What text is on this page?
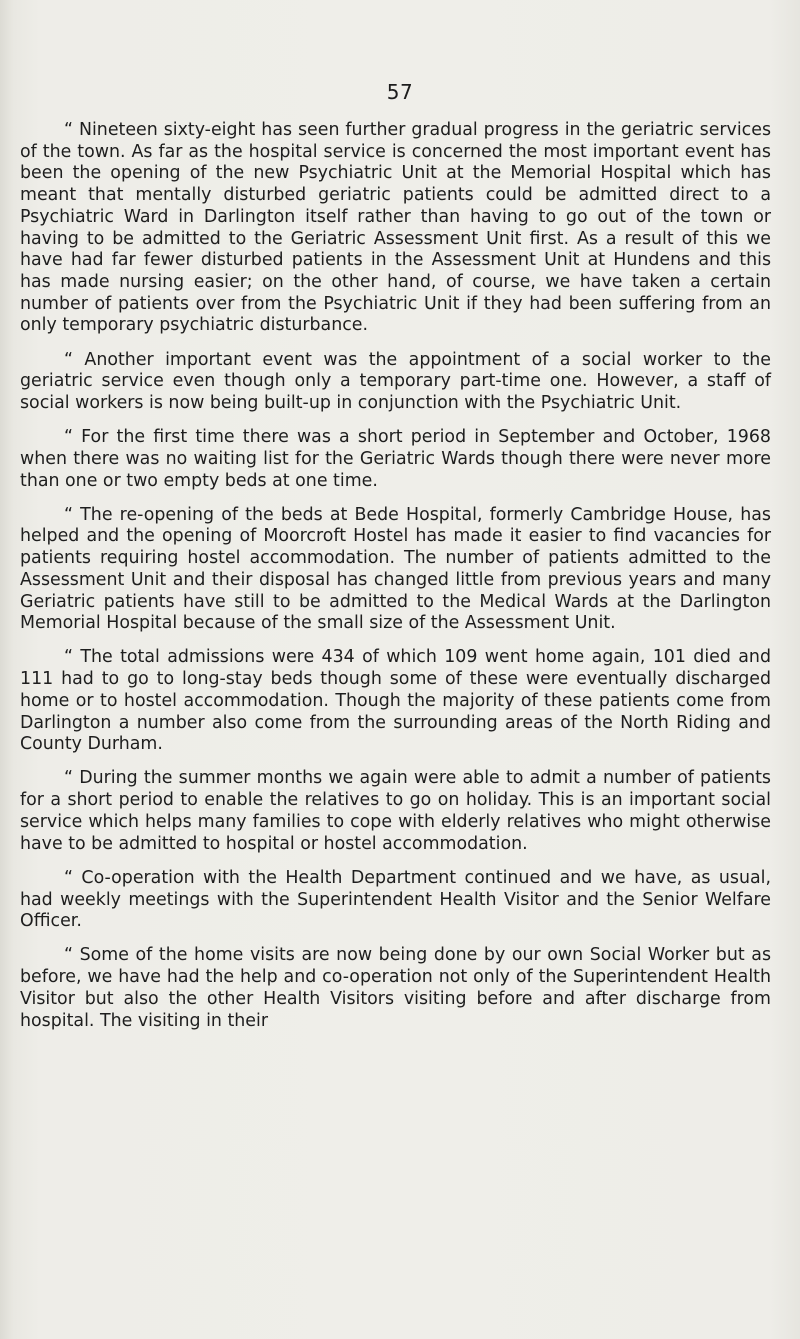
57

“ Nineteen sixty-eight has seen further gradual progress in the geriatric services of the town. As far as the hospital service is concerned the most important event has been the opening of the new Psychiatric Unit at the Memorial Hospital which has meant that mentally disturbed geriatric patients could be admitted direct to a Psychiatric Ward in Darlington itself rather than having to go out of the town or having to be admitted to the Geriatric Assessment Unit first. As a result of this we have had far fewer disturbed patients in the Assessment Unit at Hundens and this has made nursing easier; on the other hand, of course, we have taken a certain number of patients over from the Psychiatric Unit if they had been suffering from an only temporary psychiatric disturbance.

“ Another important event was the appointment of a social worker to the geriatric service even though only a temporary part-time one. However, a staff of social workers is now being built-up in conjunction with the Psychiatric Unit.

“ For the first time there was a short period in September and October, 1968 when there was no waiting list for the Geriatric Wards though there were never more than one or two empty beds at one time.

“ The re-opening of the beds at Bede Hospital, formerly Cambridge House, has helped and the opening of Moorcroft Hostel has made it easier to find vacancies for patients requiring hostel accommodation. The number of patients admitted to the Assessment Unit and their disposal has changed little from previous years and many Geriatric patients have still to be admitted to the Medical Wards at the Darlington Memorial Hospital because of the small size of the Assessment Unit.

“ The total admissions were 434 of which 109 went home again, 101 died and 111 had to go to long-stay beds though some of these were eventually discharged home or to hostel accommodation. Though the majority of these patients come from Darlington a number also come from the surrounding areas of the North Riding and County Durham.

“ During the summer months we again were able to admit a number of patients for a short period to enable the relatives to go on holiday. This is an important social service which helps many families to cope with elderly relatives who might otherwise have to be admitted to hospital or hostel accommodation.

“ Co-operation with the Health Department continued and we have, as usual, had weekly meetings with the Superintendent Health Visitor and the Senior Welfare Officer.

“ Some of the home visits are now being done by our own Social Worker but as before, we have had the help and co-operation not only of the Superintendent Health Visitor but also the other Health Visitors visiting before and after discharge from hospital. The visiting in their
